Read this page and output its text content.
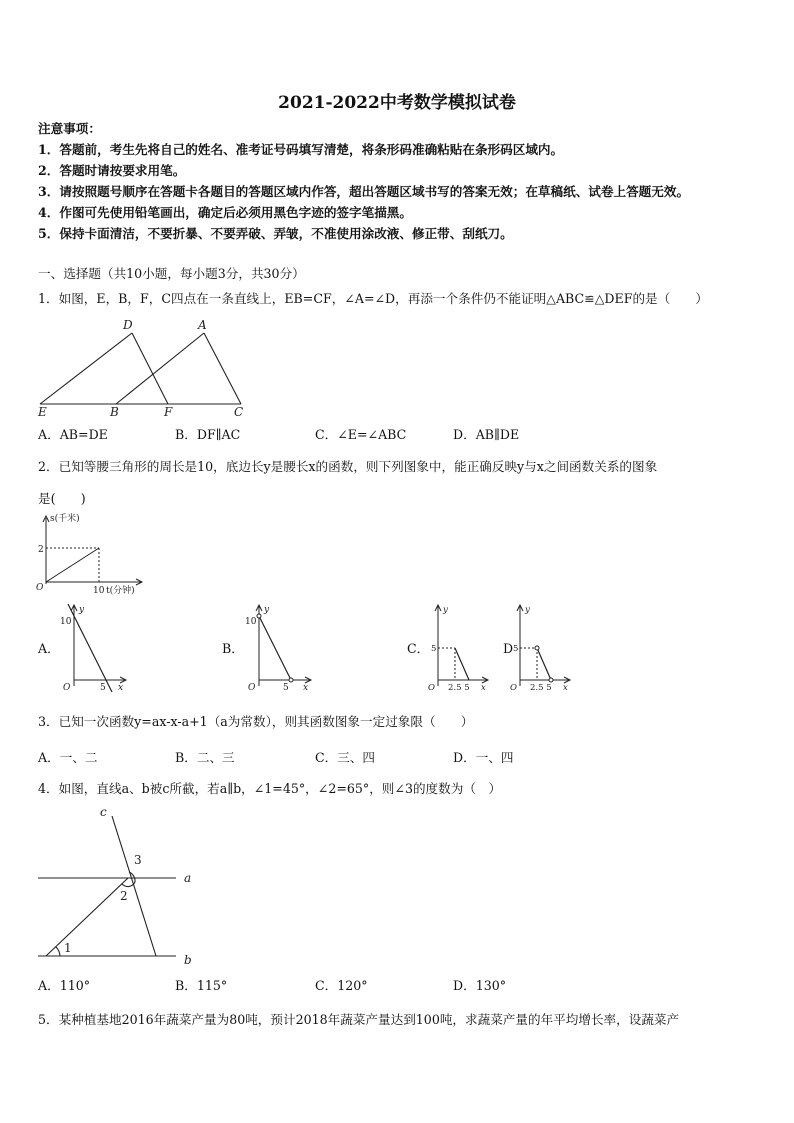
2021-2022中考数学模拟试卷
注意事项：
1．答题前，考生先将自己的姓名、准考证号码填写清楚，将条形码准确粘贴在条形码区域内。
2．答题时请按要求用笔。
3．请按照题号顺序在答题卡各题目的答题区域内作答，超出答题区域书写的答案无效；在草稿纸、试卷上答题无效。
4．作图可先使用铅笔画出，确定后必须用黑色字迹的签字笔描黑。
5．保持卡面清洁，不要折暴、不要弄破、弄皱，不准使用涂改液、修正带、刮纸刀。
一、选择题（共10小题，每小题3分，共30分）
1．如图，E，B，F，C四点在一条直线上，EB=CF，∠A=∠D，再添一个条件仍不能证明△ABC≌△DEF的是（　　）
D	A
E	B	F	C
A．AB=DE	B．DF∥AC	C．∠E=∠ABC	D．AB∥DE
2．已知等腰三角形的周长是10，底边长y是腰长x的函数，则下列图象中，能正确反映y与x之间函数关系的图象
是(　　)
s(千米)
t(分钟)
O
2
10
A．
y
x
O
10
5
B．
y
x
O
10
5
C．
y
x
O
5
2.5 5
D
y
x
O
5
2.5 5
3．已知一次函数y=ax-x-a+1（a为常数），则其函数图象一定过象限（　　）
A．一、二	B．二、三	C．三、四	D．一、四
4．如图，直线a、b被c所截，若a∥b，∠1=45°，∠2=65°，则∠3的度数为（　）
c
a
b
1
2
3
A．110°	B．115°	C．120°	D．130°
5．某种植基地2016年蔬菜产量为80吨，预计2018年蔬菜产量达到100吨，求蔬菜产量的年平均增长率，设蔬菜产
